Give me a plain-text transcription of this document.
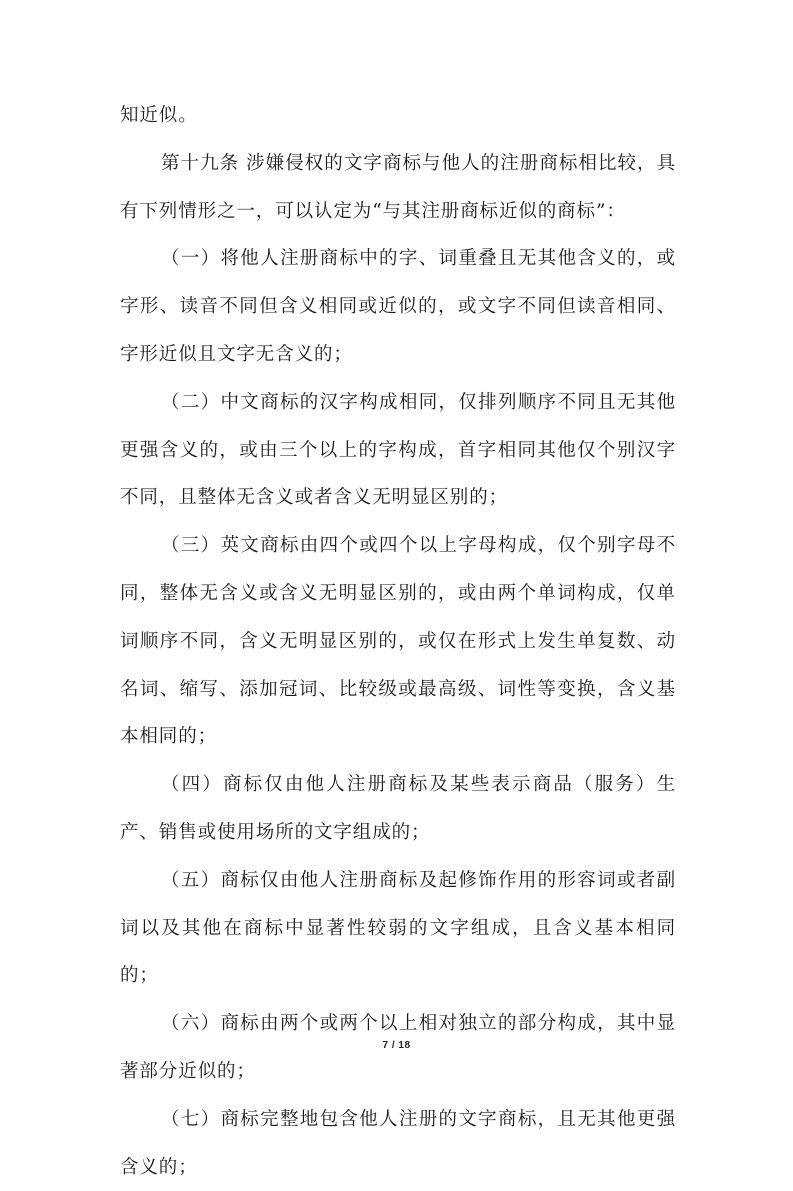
知近似。

第十九条 涉嫌侵权的文字商标与他人的注册商标相比较，具有下列情形之一，可以认定为“与其注册商标近似的商标”：

（一）将他人注册商标中的字、词重叠且无其他含义的，或字形、读音不同但含义相同或近似的，或文字不同但读音相同、字形近似且文字无含义的；

（二）中文商标的汉字构成相同，仅排列顺序不同且无其他更强含义的，或由三个以上的字构成，首字相同其他仅个别汉字不同，且整体无含义或者含义无明显区别的；

（三）英文商标由四个或四个以上字母构成，仅个别字母不同，整体无含义或含义无明显区别的，或由两个单词构成，仅单词顺序不同，含义无明显区别的，或仅在形式上发生单复数、动名词、缩写、添加冠词、比较级或最高级、词性等变换，含义基本相同的；

（四）商标仅由他人注册商标及某些表示商品（服务）生产、销售或使用场所的文字组成的；

（五）商标仅由他人注册商标及起修饰作用的形容词或者副词以及其他在商标中显著性较弱的文字组成，且含义基本相同的；

（六）商标由两个或两个以上相对独立的部分构成，其中显著部分近似的；

（七）商标完整地包含他人注册的文字商标，且无其他更强含义的；

7 / 18
